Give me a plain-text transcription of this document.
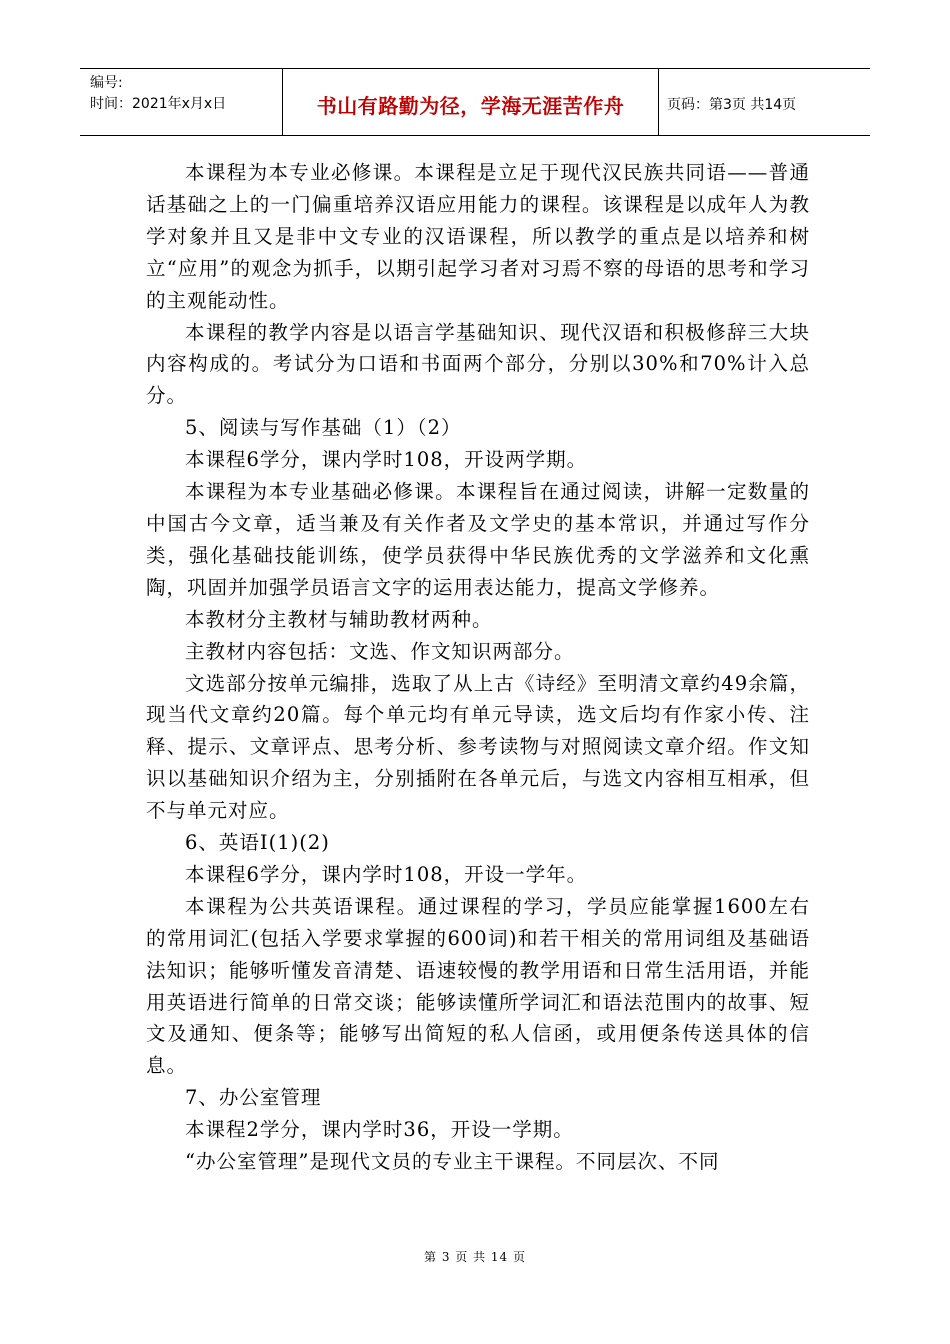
编号:
时间：2021年x月x日	书山有路勤为径，学海无涯苦作舟	页码：第3页 共14页

本课程为本专业必修课。本课程是立足于现代汉民族共同语——普通话基础之上的一门偏重培养汉语应用能力的课程。该课程是以成年人为教学对象并且又是非中文专业的汉语课程，所以教学的重点是以培养和树立“应用”的观念为抓手，以期引起学习者对习焉不察的母语的思考和学习的主观能动性。

本课程的教学内容是以语言学基础知识、现代汉语和积极修辞三大块内容构成的。考试分为口语和书面两个部分，分别以30%和70%计入总分。

5、阅读与写作基础（1）（2）

本课程6学分，课内学时108，开设两学期。

本课程为本专业基础必修课。本课程旨在通过阅读，讲解一定数量的中国古今文章，适当兼及有关作者及文学史的基本常识，并通过写作分类，强化基础技能训练，使学员获得中华民族优秀的文学滋养和文化熏陶，巩固并加强学员语言文字的运用表达能力，提高文学修养。

本教材分主教材与辅助教材两种。

主教材内容包括：文选、作文知识两部分。

文选部分按单元编排，选取了从上古《诗经》至明清文章约49余篇，现当代文章约20篇。每个单元均有单元导读，选文后均有作家小传、注释、提示、文章评点、思考分析、参考读物与对照阅读文章介绍。作文知识以基础知识介绍为主，分别插附在各单元后，与选文内容相互相承，但不与单元对应。

6、英语Ⅰ(1)(2)

本课程6学分，课内学时108，开设一学年。

本课程为公共英语课程。通过课程的学习，学员应能掌握1600左右的常用词汇(包括入学要求掌握的600词)和若干相关的常用词组及基础语法知识；能够听懂发音清楚、语速较慢的教学用语和日常生活用语，并能用英语进行简单的日常交谈；能够读懂所学词汇和语法范围内的故事、短文及通知、便条等；能够写出简短的私人信函，或用便条传送具体的信息。

7、办公室管理

本课程2学分，课内学时36，开设一学期。

“办公室管理”是现代文员的专业主干课程。不同层次、不同

第 3 页 共 14 页
